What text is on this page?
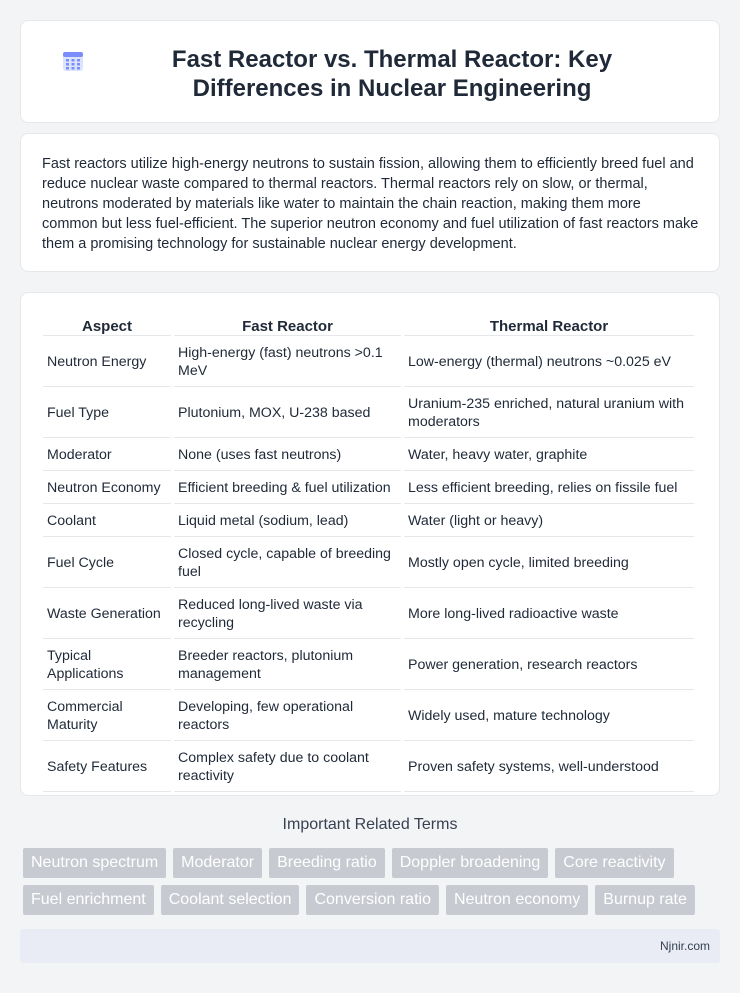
Fast Reactor vs. Thermal Reactor: Key Differences in Nuclear Engineering

Fast reactors utilize high-energy neutrons to sustain fission, allowing them to efficiently breed fuel and reduce nuclear waste compared to thermal reactors. Thermal reactors rely on slow, or thermal, neutrons moderated by materials like water to maintain the chain reaction, making them more common but less fuel-efficient. The superior neutron economy and fuel utilization of fast reactors make them a promising technology for sustainable nuclear energy development.

Aspect	Fast Reactor	Thermal Reactor
Neutron Energy	High-energy (fast) neutrons >0.1 MeV	Low-energy (thermal) neutrons ~0.025 eV
Fuel Type	Plutonium, MOX, U-238 based	Uranium-235 enriched, natural uranium with moderators
Moderator	None (uses fast neutrons)	Water, heavy water, graphite
Neutron Economy	Efficient breeding & fuel utilization	Less efficient breeding, relies on fissile fuel
Coolant	Liquid metal (sodium, lead)	Water (light or heavy)
Fuel Cycle	Closed cycle, capable of breeding fuel	Mostly open cycle, limited breeding
Waste Generation	Reduced long-lived waste via recycling	More long-lived radioactive waste
Typical Applications	Breeder reactors, plutonium management	Power generation, research reactors
Commercial Maturity	Developing, few operational reactors	Widely used, mature technology
Safety Features	Complex safety due to coolant reactivity	Proven safety systems, well-understood
Important Related Terms
Neutron spectrum	Moderator	Breeding ratio	Doppler broadening	Core reactivity
Fuel enrichment	Coolant selection	Conversion ratio	Neutron economy	Burnup rate
Njnir.com
